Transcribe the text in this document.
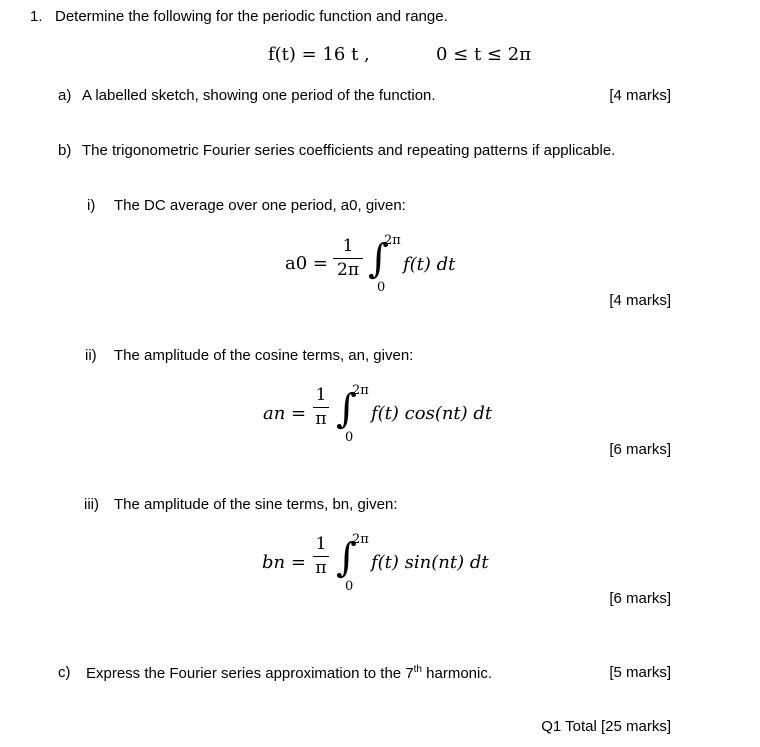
1. Determine the following for the periodic function and range.
f(t) = 16 t ,	0 ≤ t ≤ 2π
a) A labelled sketch, showing one period of the function.	[4 marks]
b) The trigonometric Fourier series coefficients and repeating patterns if applicable.
i) The DC average over one period, a0, given:
a0 =
1
2π ∫
2π
0
f(t) dt
[4 marks]
ii) The amplitude of the cosine terms, an, given:
an =
1
π ∫
2π
0
f(t) cos(nt) dt
[6 marks]
iii) The amplitude of the sine terms, bn, given:
bn =
1
π ∫
2π
0
f(t) sin(nt) dt
[6 marks]
c) Express the Fourier series approximation to the 7th harmonic.	[5 marks]
Q1 Total [25 marks]
